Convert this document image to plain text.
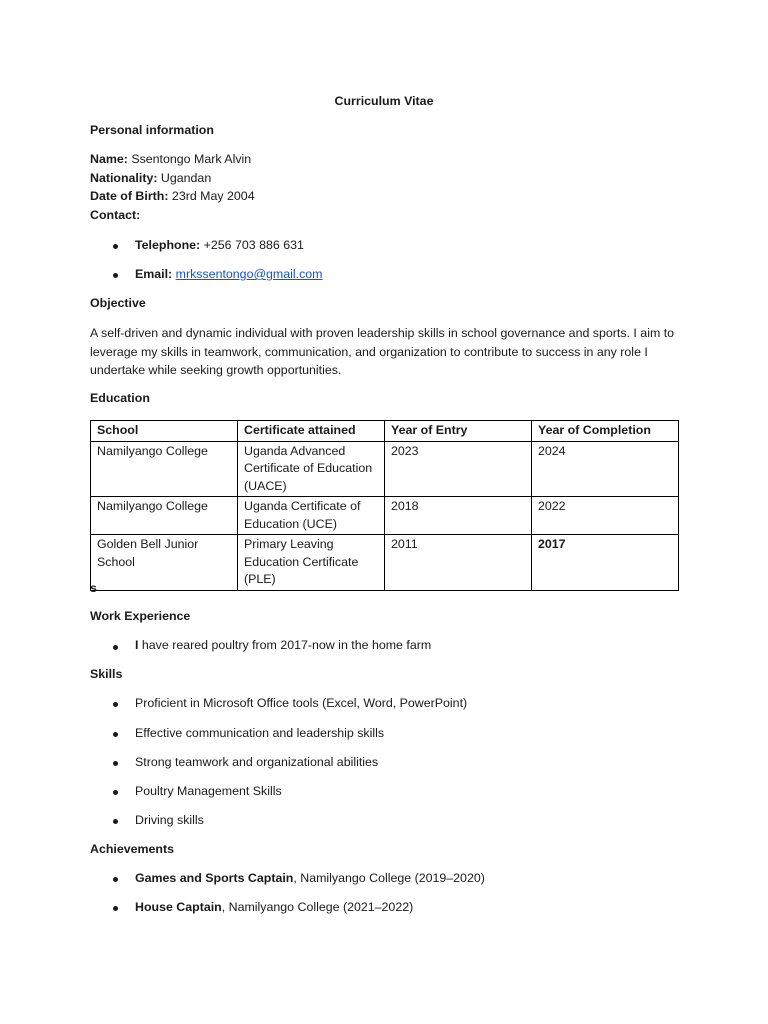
Curriculum Vitae
Personal information
Name: Ssentongo Mark Alvin
Nationality: Ugandan
Date of Birth: 23rd May 2004
Contact:
Telephone: +256 703 886 631
Email: mrkssentongo@gmail.com
Objective
A self-driven and dynamic individual with proven leadership skills in school governance and sports. I aim to leverage my skills in teamwork, communication, and organization to contribute to success in any role I undertake while seeking growth opportunities.
Education
School	Certificate attained	Year of Entry	Year of Completion
Namilyango College	Uganda Advanced Certificate of Education (UACE)	2023	2024
Namilyango College	Uganda Certificate of Education (UCE)	2018	2022
Golden Bell Junior School	Primary Leaving Education Certificate (PLE)	2011	2017
s
Work Experience
I have reared poultry from 2017-now in the home farm
Skills
Proficient in Microsoft Office tools (Excel, Word, PowerPoint)
Effective communication and leadership skills
Strong teamwork and organizational abilities
Poultry Management Skills
Driving skills
Achievements
Games and Sports Captain, Namilyango College (2019–2020)
House Captain, Namilyango College (2021–2022)
